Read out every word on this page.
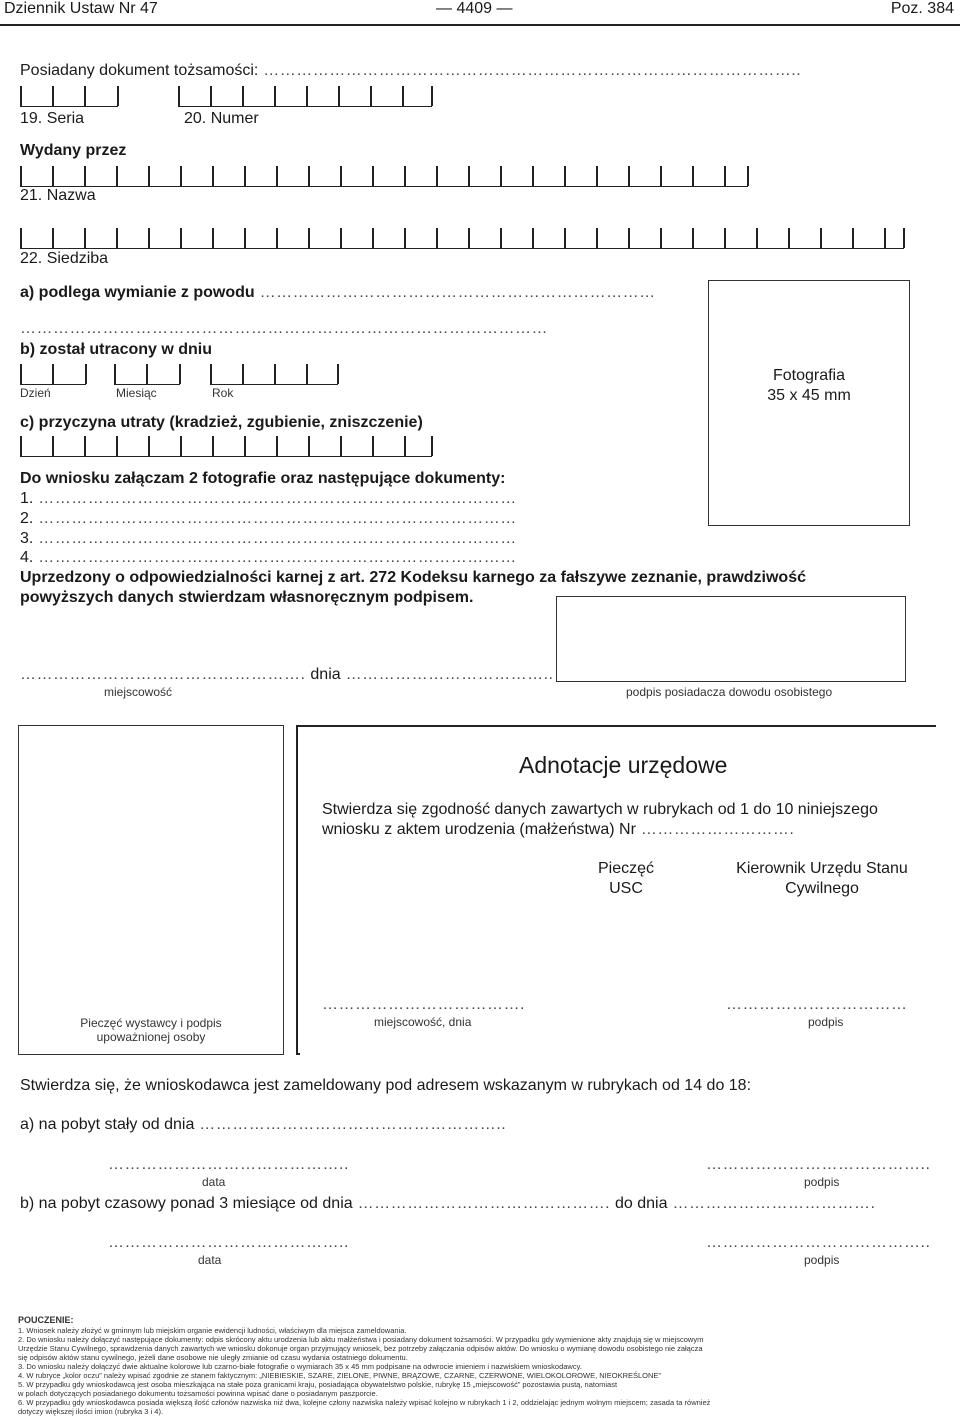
Dziennik Ustaw Nr 47	— 4409 —	Poz. 384
Posiadany dokument tożsamości: ……………………………………………………………………………………..
19. Seria	20. Numer
Wydany przez
21. Nazwa
22. Siedziba
a) podlega wymianie z powodu ………………………………………………………………
……………………………………………………………………………………
b) został utracony w dniu
Dzień	Miesiąc	Rok
c) przyczyna utraty (kradzież, zgubienie, zniszczenie)
Fotografia
35 x 45 mm
Do wniosku załączam 2 fotografie oraz następujące dokumenty:
1. ……………………………………………………………………………
2. ……………………………………………………………………………
3. ……………………………………………………………………………
4. ……………………………………………………………………………
Uprzedzony o odpowiedzialności karnej z art. 272 Kodeksu karnego za fałszywe zeznanie, prawdziwość
powyższych danych stwierdzam własnoręcznym podpisem.
……………………………………………. dnia ………………………………..
miejscowość	podpis posiadacza dowodu osobistego
Pieczęć wystawcy i podpis upoważnionej osoby
Adnotacje urzędowe
Stwierdza się zgodność danych zawartych w rubrykach od 1 do 10 niniejszego
wniosku z aktem urodzenia (małżeństwa) Nr ……………………….
Pieczęć USC
Kierownik Urzędu Stanu Cywilnego
……………………………….	……………………………
miejscowość, dnia	podpis
Stwierdza się, że wnioskodawca jest zameldowany pod adresem wskazanym w rubrykach od 14 do 18:
a) na pobyt stały od dnia ………………………………………………..
……………………………………..	…………………………………..
data	podpis
b) na pobyt czasowy ponad 3 miesiące od dnia ………………………………………. do dnia ……………………………….
……………………………………..	…………………………………..
data	podpis
POUCZENIE:
1. Wniosek należy złożyć w gminnym lub miejskim organie ewidencji ludności, właściwym dla miejsca zameldowania.
2. Do wniosku należy dołączyć następujące dokumenty: odpis skrócony aktu urodzenia lub aktu małżeństwa i posiadany dokument tożsamości. W przypadku gdy wymienione akty znajdują się w miejscowym
Urzędzie Stanu Cywilnego, sprawdzenia danych zawartych we wniosku dokonuje organ przyjmujący wniosek, bez potrzeby załączania odpisów aktów. Do wniosku o wymianę dowodu osobistego nie załącza
się odpisów aktów stanu cywilnego, jeżeli dane osobowe nie uległy zmianie od czasu wydania ostatniego dokumentu.
3. Do wniosku należy dołączyć dwie aktualne kolorowe lub czarno-białe fotografie o wymiarach 35 x 45 mm podpisane na odwrocie imieniem i nazwiskiem wnioskodawcy.
4. W rubryce „kolor oczu” należy wpisać zgodnie ze stanem faktycznym: „NIEBIESKIE, SZARE, ZIELONE, PIWNE, BRĄZOWE, CZARNE, CZERWONE, WIELOKOLOROWE, NIEOKREŚLONE”
5. W przypadku gdy wnioskodawcą jest osoba mieszkająca na stałe poza granicami kraju, posiadająca obywatelstwo polskie, rubrykę 15 „miejscowość” pozostawia pustą, natomiast
w polach dotyczących posiadanego dokumentu tożsamości powinna wpisać dane o posiadanym paszporcie.
6. W przypadku gdy wnioskodawca posiada większą ilość członów nazwiska niż dwa, kolejne człony nazwiska należy wpisać kolejno w rubrykach 1 i 2, oddzielając jednym wolnym miejscem; zasada ta również
dotyczy większej ilości imion (rubryka 3 i 4).
